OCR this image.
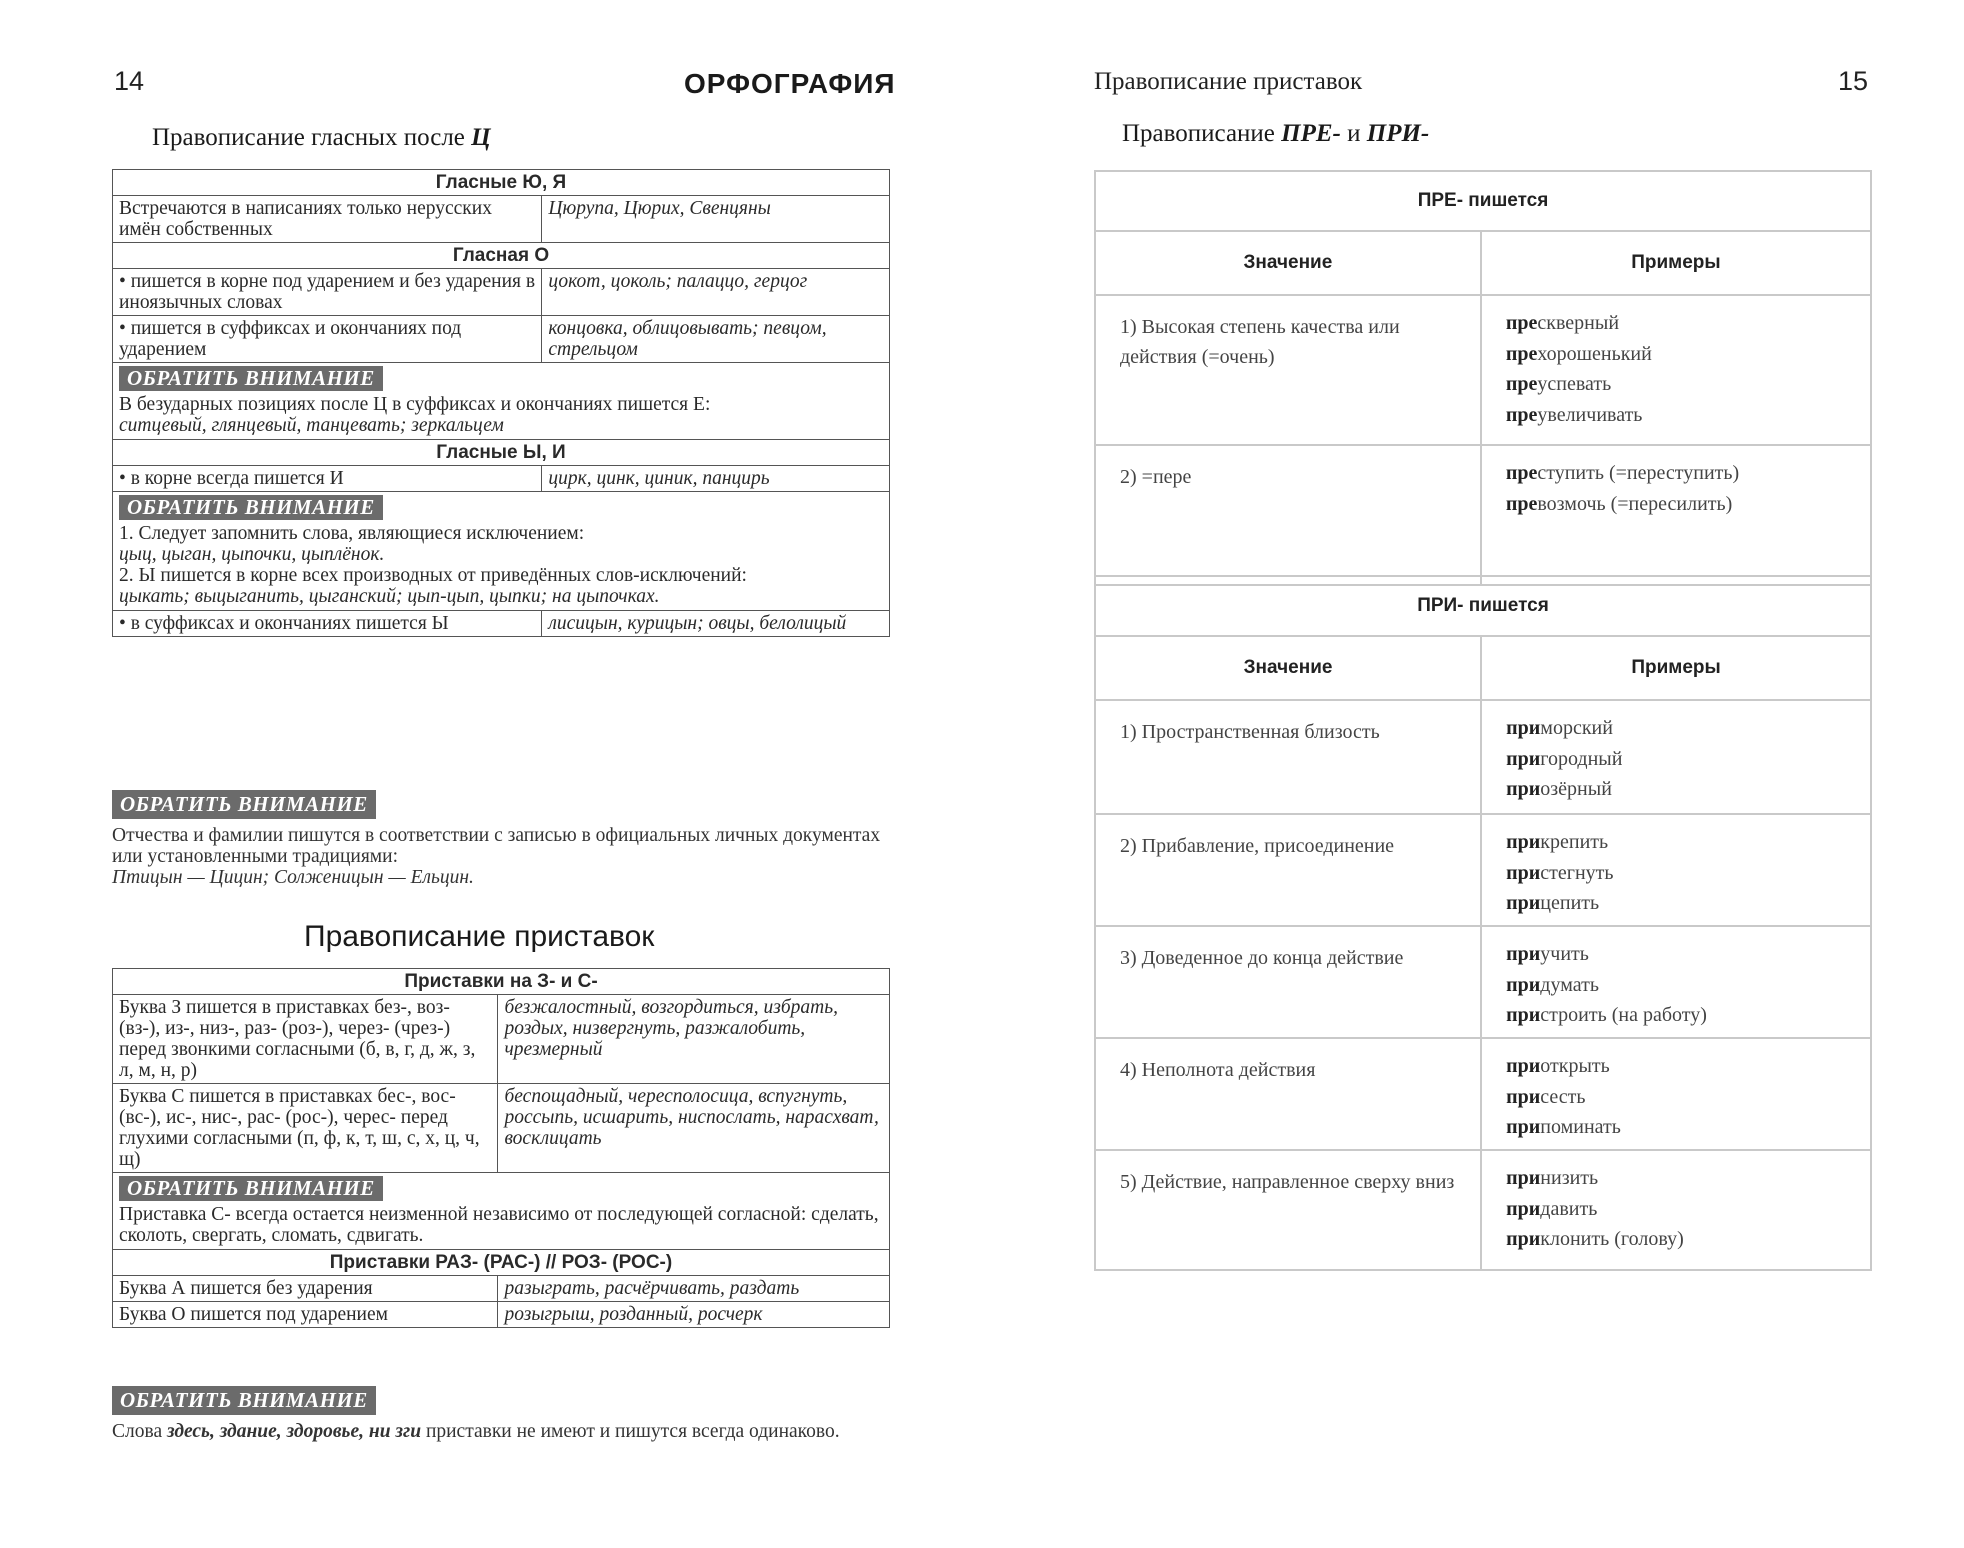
14	ОРФОГРАФИЯ
Правописание гласных после Ц
Гласные Ю, Я	
Встречаются в написаниях только нерусских имён собственных	Цюрупа, Цюрих, Свенцяны
Гласная О	
• пишется в корне под ударением и без ударения в иноязычных словах	цокот, цоколь; палаццо, герцог
• пишется в суффиксах и окончаниях под ударением	концовка, облицовывать; певцом, стрельцом
ОБРАТИТЬ ВНИМАНИЕ
В безударных позициях после Ц в суффиксах и окончаниях пишется Е:
ситцевый, глянцевый, танцевать; зеркальцем	

Гласные Ы, И	
• в корне всегда пишется И	цирк, цинк, циник, панцирь
ОБРАТИТЬ ВНИМАНИЕ
1. Следует запомнить слова, являющиеся исключением:
цыц, цыган, цыпочки, цыплёнок.
2. Ы пишется в корне всех производных от приведённых слов-исключений:
цыкать; выцыганить, цыганский; цып-цып, цыпки; на цыпочках.	

• в суффиксах и окончаниях пишется Ы	лисицын, курицын; овцы, белолицый
ОБРАТИТЬ ВНИМАНИЕ
Отчества и фамилии пишутся в соответствии с записью в официальных личных документах или установленными традициями:
Птицын — Цицин; Солженицын — Ельцин.
Правописание приставок
Приставки на З- и С-	
Буква З пишется в приставках без-, воз- (вз-), из-, низ-, раз- (роз-), через- (чрез-) перед звонкими согласными (б, в, г, д, ж, з, л, м, н, р)	безжалостный, возгордиться, избрать, роздых, низвергнуть, разжалобить, чрезмерный
Буква С пишется в приставках бес-, вос- (вс-), ис-, нис-, рас- (рос-), черес- перед глухими согласными (п, ф, к, т, ш, с, х, ц, ч, щ)	беспощадный, чересполосица, вспугнуть, россыпь, исшарить, ниспослать, нарасхват, восклицать
ОБРАТИТЬ ВНИМАНИЕ
Приставка С- всегда остается неизменной независимо от последующей согласной: сделать, сколоть, свергать, сломать, сдвигать.	

Приставки РАЗ- (РАС-) // РОЗ- (РОС-)	
Буква А пишется без ударения	разыграть, расчёрчивать, раздать
Буква О пишется под ударением	розыгрыш, розданный, росчерк
ОБРАТИТЬ ВНИМАНИЕ
Слова здесь, здание, здоровье, ни зги приставки не имеют и пишутся всегда одинаково.
Правописание приставок	15
Правописание ПРЕ- и ПРИ-
ПРЕ- пишется	
Значение	Примеры
1) Высокая степень качества или действия (=очень)	прескверный
прехорошенький
преуспевать
преувеличивать

2) =пере	преступить (=переступить)
превозмочь (=пересилить)
ПРИ- пишется	
Значение	Примеры
1) Пространственная близость	приморский
пригородный
приозёрный

2) Прибавление, присоединение	прикрепить
пристегнуть
прицепить

3) Доведенное до конца действие	приучить
придумать
пристроить (на работу)

4) Неполнота действия	приоткрыть
присесть
припоминать

5) Действие, направленное сверху вниз	принизить
придавить
приклонить (голову)
